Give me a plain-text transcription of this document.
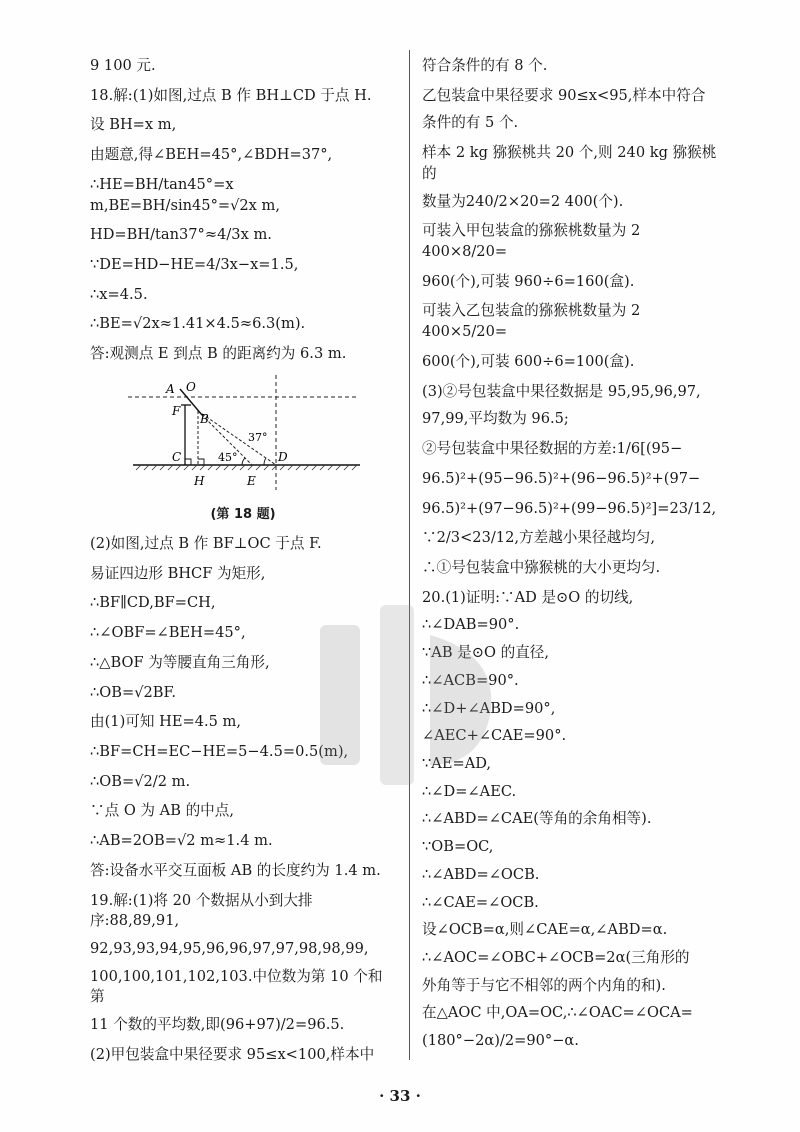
9 100 元.

18.解:(1)如图,过点 B 作 BH⊥CD 于点 H.

设 BH=x m,

由题意,得∠BEH=45°,∠BDH=37°,

∴HE=BH/tan45°=x m,BE=BH/sin45°=√2x m,

HD=BH/tan37°≈4/3x m.

∵DE=HD−HE=4/3x−x=1.5,

∴x=4.5.

∴BE=√2x≈1.41×4.5≈6.3(m).

答:观测点 E 到点 B 的距离约为 6.3 m.

A O
F
B
C
H	E
D
45°
37°
(第 18 题)

(2)如图,过点 B 作 BF⊥OC 于点 F.

易证四边形 BHCF 为矩形,

∴BF∥CD,BF=CH,

∴∠OBF=∠BEH=45°,

∴△BOF 为等腰直角三角形,

∴OB=√2BF.

由(1)可知 HE=4.5 m,

∴BF=CH=EC−HE=5−4.5=0.5(m),

∴OB=√2/2 m.

∵点 O 为 AB 的中点,

∴AB=2OB=√2 m≈1.4 m.

答:设备水平交互面板 AB 的长度约为 1.4 m.

19.解:(1)将 20 个数据从小到大排序:88,89,91,

92,93,93,94,95,96,96,97,97,98,98,99,

100,100,101,102,103.中位数为第 10 个和第

11 个数的平均数,即(96+97)/2=96.5.

(2)甲包装盒中果径要求 95≤x<100,样本中

符合条件的有 8 个.

乙包装盒中果径要求 90≤x<95,样本中符合

条件的有 5 个.

样本 2 kg 猕猴桃共 20 个,则 240 kg 猕猴桃的

数量为240/2×20=2 400(个).

可装入甲包装盒的猕猴桃数量为 2 400×8/20=

960(个),可装 960÷6=160(盒).

可装入乙包装盒的猕猴桃数量为 2 400×5/20=

600(个),可装 600÷6=100(盒).

(3)②号包装盒中果径数据是 95,95,96,97,

97,99,平均数为 96.5;

②号包装盒中果径数据的方差:1/6[(95−

96.5)²+(95−96.5)²+(96−96.5)²+(97−

96.5)²+(97−96.5)²+(99−96.5)²]=23/12,

∵2/3<23/12,方差越小果径越均匀,

∴①号包装盒中猕猴桃的大小更均匀.

20.(1)证明:∵AD 是⊙O 的切线,

∴∠DAB=90°.

∵AB 是⊙O 的直径,

∴∠ACB=90°.

∴∠D+∠ABD=90°,

∠AEC+∠CAE=90°.

∵AE=AD,

∴∠D=∠AEC.

∴∠ABD=∠CAE(等角的余角相等).

∵OB=OC,

∴∠ABD=∠OCB.

∴∠CAE=∠OCB.

设∠OCB=α,则∠CAE=α,∠ABD=α.

∴∠AOC=∠OBC+∠OCB=2α(三角形的

外角等于与它不相邻的两个内角的和).

在△AOC 中,OA=OC,∴∠OAC=∠OCA=

(180°−2α)/2=90°−α.

· 33 ·
